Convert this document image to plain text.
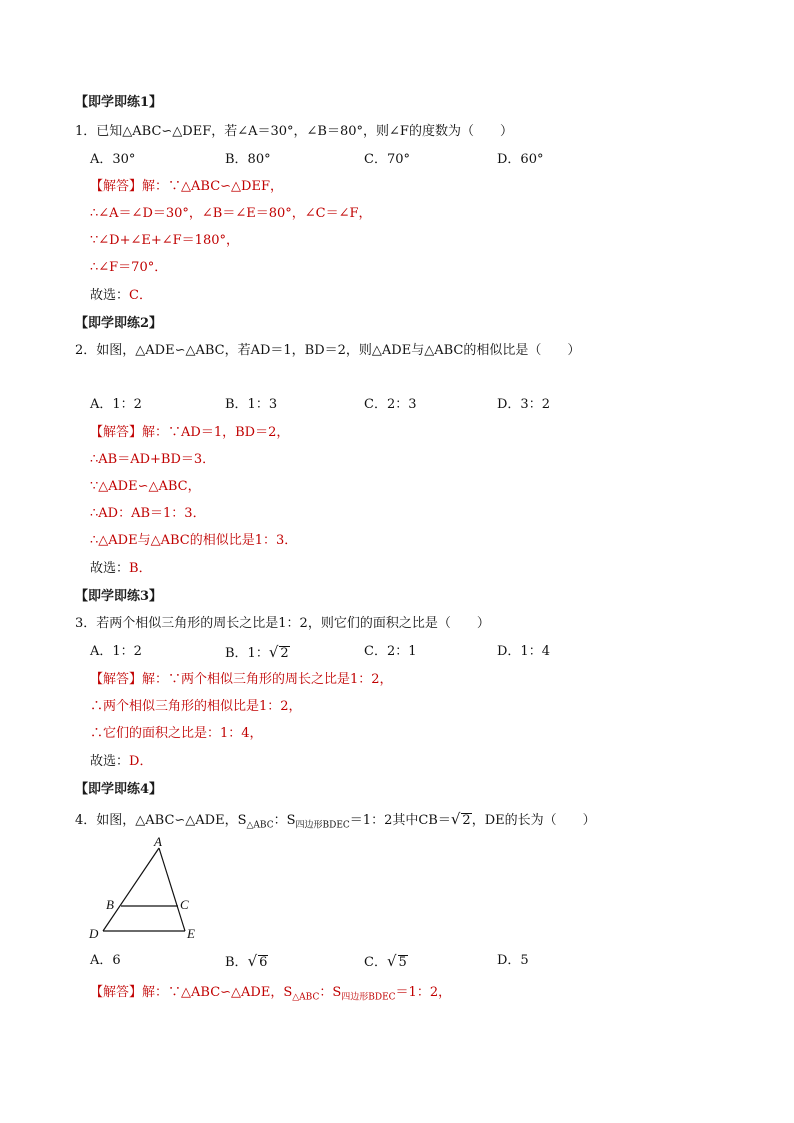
【即学即练1】
1．已知△ABC∽△DEF，若∠A＝30°，∠B＝80°，则∠F的度数为（　　）
A．30°	B．80°	C．70°	D．60°
【解答】解：∵△ABC∽△DEF，
∴∠A＝∠D＝30°，∠B＝∠E＝80°，∠C＝∠F，
∵∠D+∠E+∠F＝180°，
∴∠F＝70°．
故选：C．
【即学即练2】
2．如图，△ADE∽△ABC，若AD＝1，BD＝2，则△ADE与△ABC的相似比是（　　）
A．1：2	B．1：3	C．2：3	D．3：2
【解答】解：∵AD＝1，BD＝2，
∴AB＝AD+BD＝3．
∵△ADE∽△ABC，
∴AD：AB＝1：3．
∴△ADE与△ABC的相似比是1：3．
故选：B．
【即学即练3】
3．若两个相似三角形的周长之比是1：2，则它们的面积之比是（　　）
A．1：2	B．1：√ 2	C．2：1	D．1：4
【解答】解：∵两个相似三角形的周长之比是1：2，
∴两个相似三角形的相似比是1：2，
∴它们的面积之比是：1：4，
故选：D．
【即学即练4】
4．如图，△ABC∽△ADE，$S_{\triangle ABC}$：$S_{四边形BDEC}=1$：2其中CB＝√ 2，DE的长为（　　）
A
B	C
D	E
A．6	B．√ 6	C．√ 5	D．5
【解答】解：∵△ABC∽△ADE，$S_{\triangle ABC}$：$S_{四边形BDEC}=1$：2，
